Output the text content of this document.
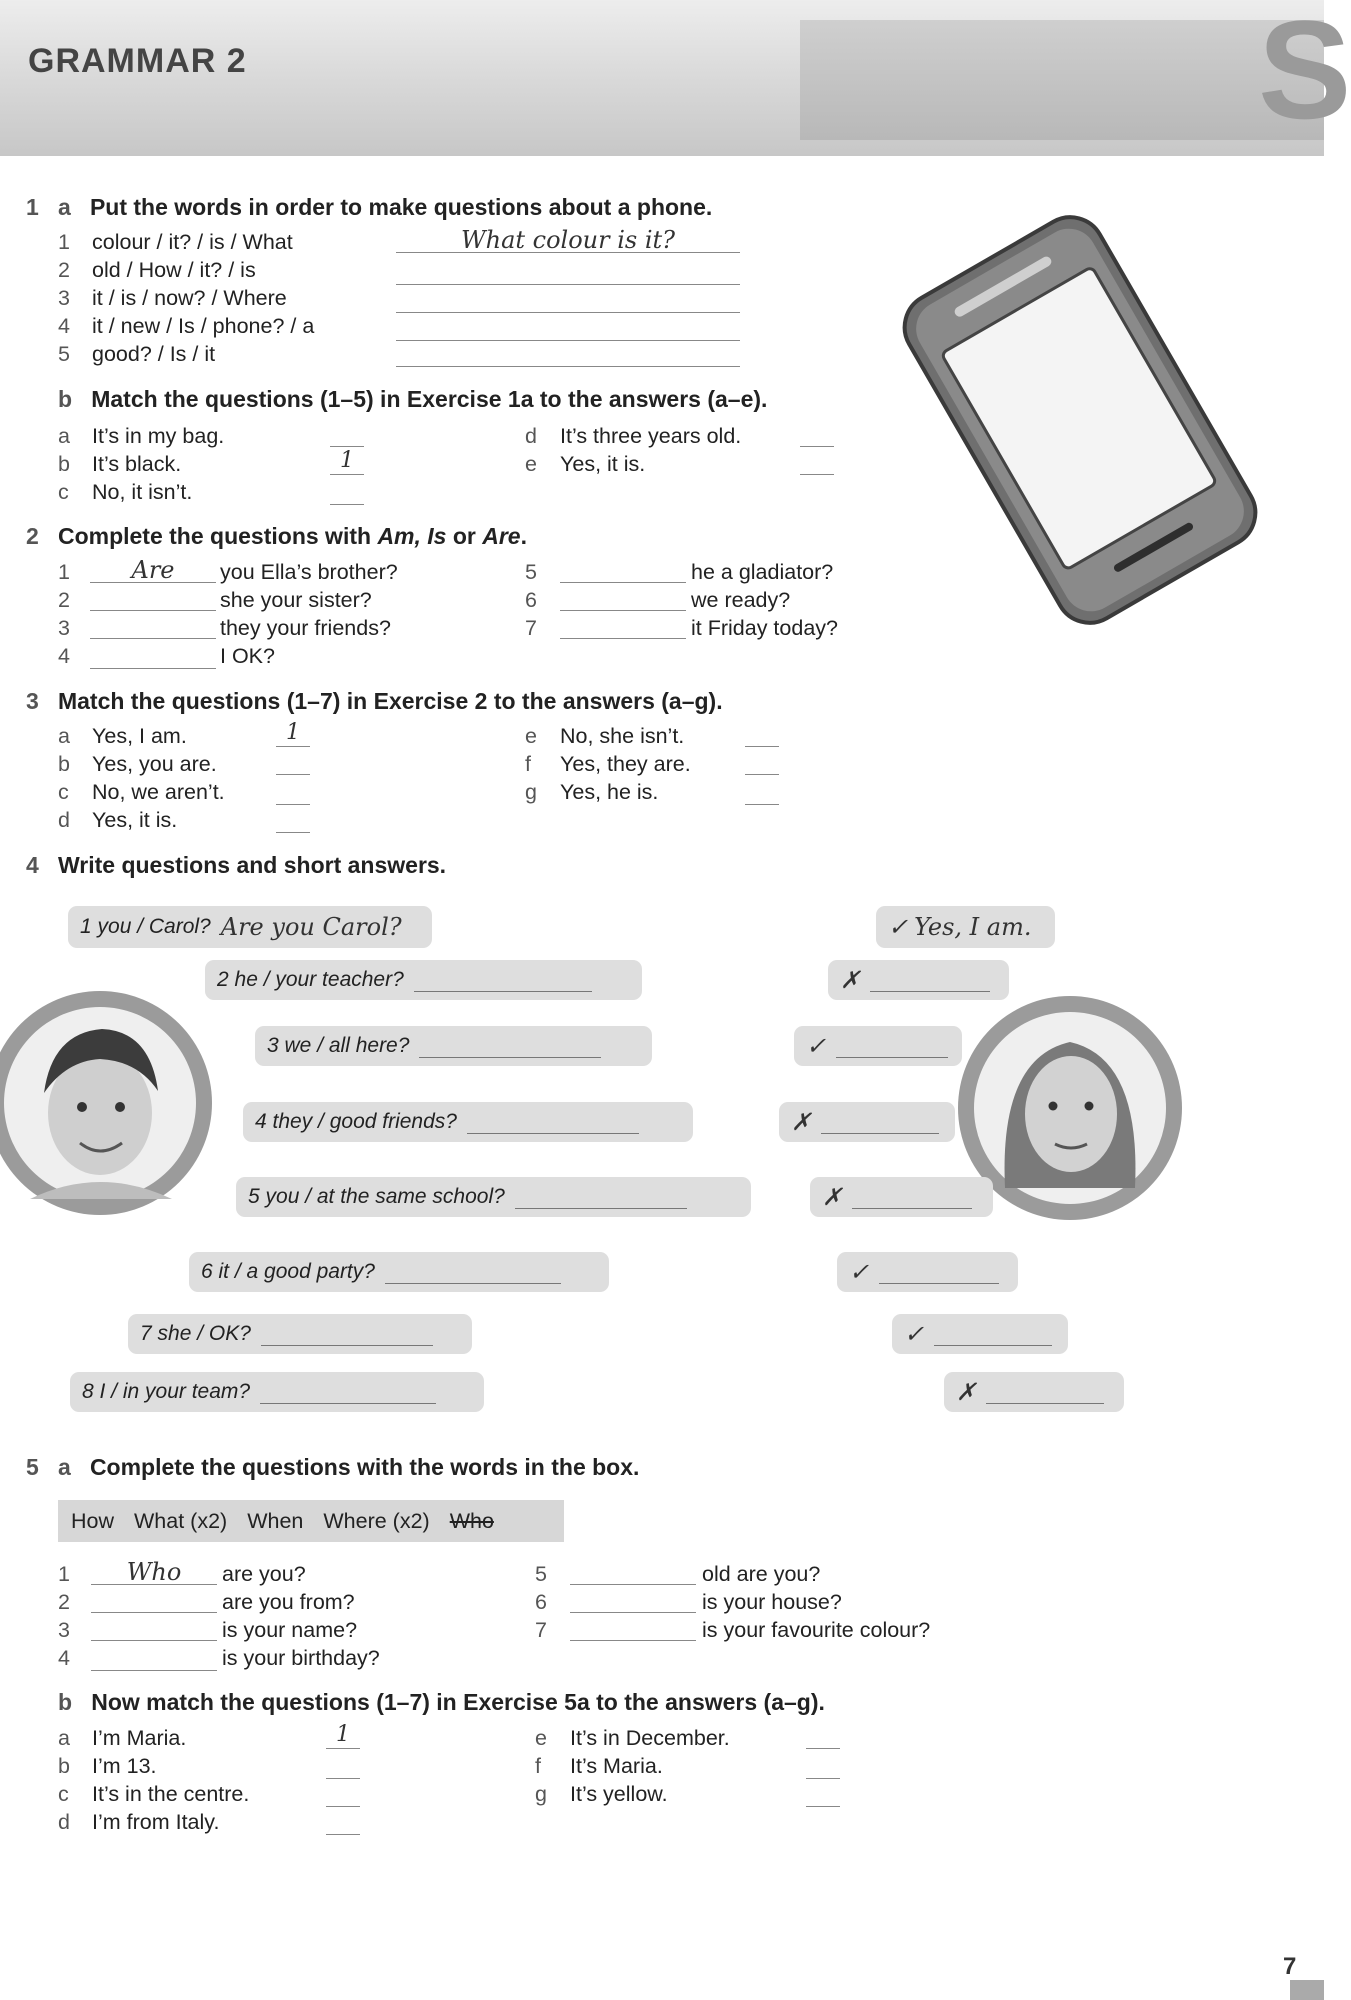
GRAMMAR 2	S
1 a Put the words in order to make questions about a phone.
1 colour / it? / is / What	What colour is it?
2 old / How / it? / is
3 it / is / now? / Where
4 it / new / Is / phone? / a
5 good? / Is / it
b Match the questions (1–5) in Exercise 1a to the answers (a–e).
a It’s in my bag.
b It’s black.	1
c No, it isn’t.
d It’s three years old.
e Yes, it is.
2 Complete the questions with Am, Is or Are.
1	Are	you Ella’s brother?
2	she your sister?
3	they your friends?
4	I OK?
5	he a gladiator?
6	we ready?
7	it Friday today?
3 Match the questions (1–7) in Exercise 2 to the answers (a–g).
a Yes, I am.	1
b Yes, you are.
c No, we aren’t.
d Yes, it is.
e No, she isn’t.
f Yes, they are.
g Yes, he is.
4 Write questions and short answers.
1 you / Carol? Are you Carol?
2 he / your teacher?
3 we / all here?
4 they / good friends?
5 you / at the same school?
6 it / a good party?
7 she / OK?
8 I / in your team?
✓ Yes, I am.
✗
✓
✗
✗
✓
✓
✗
5 a Complete the questions with the words in the box.
How What (x2) When Where (x2) Who
1	Who	are you?
2	are you from?
3	is your name?
4	is your birthday?
5	old are you?
6	is your house?
7	is your favourite colour?
b Now match the questions (1–7) in Exercise 5a to the answers (a–g).
a I’m Maria.	1
b I’m 13.
c It’s in the centre.
d I’m from Italy.
e It’s in December.
f It’s Maria.
g It’s yellow.
7
